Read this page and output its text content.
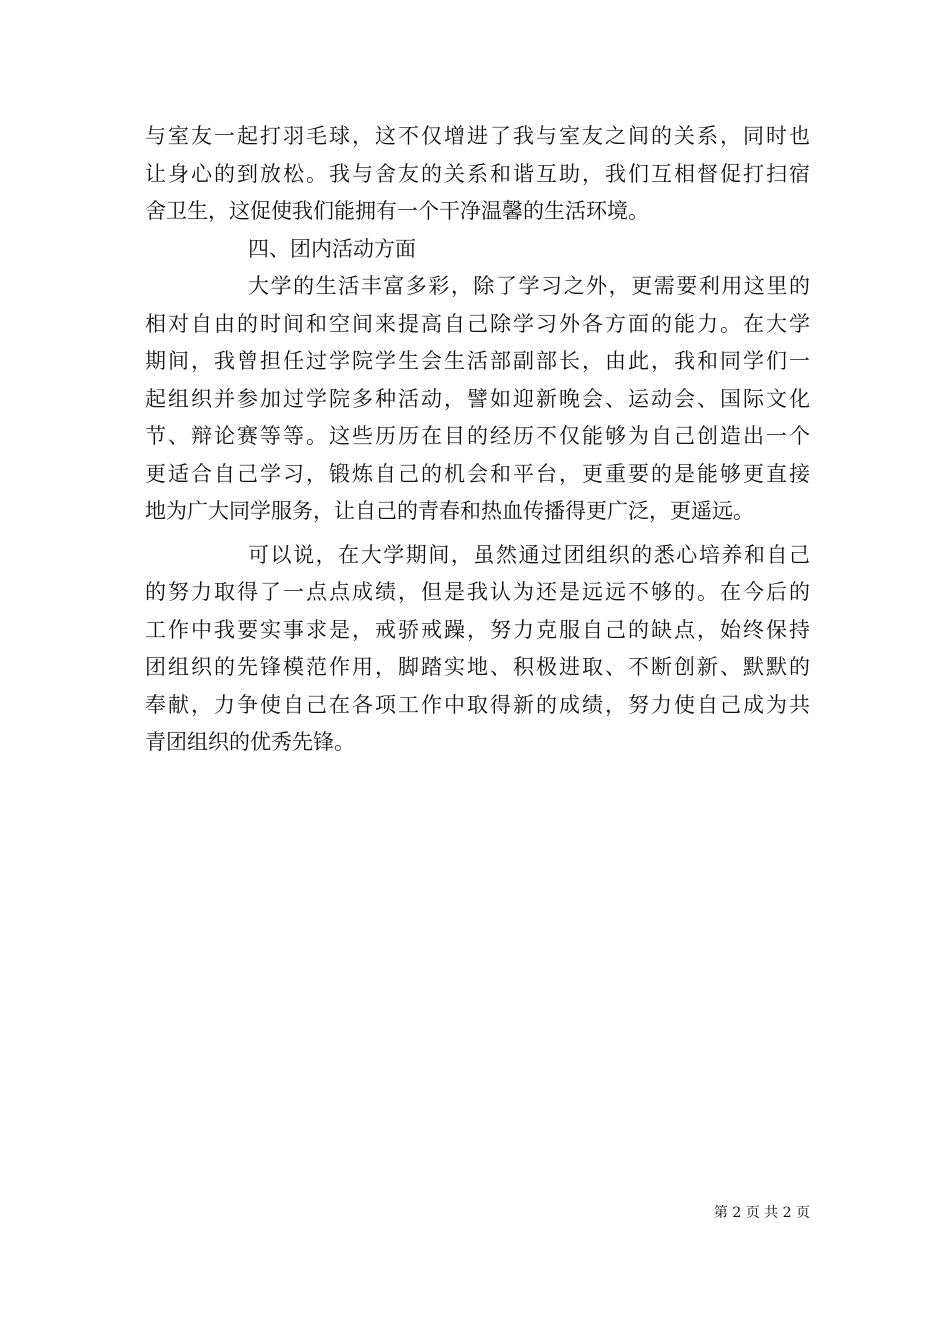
与室友一起打羽毛球，这不仅增进了我与室友之间的关系，同时也
让身心的到放松。我与舍友的关系和谐互助，我们互相督促打扫宿
舍卫生，这促使我们能拥有一个干净温馨的生活环境。
四、团内活动方面
大学的生活丰富多彩，除了学习之外，更需要利用这里的
相对自由的时间和空间来提高自己除学习外各方面的能力。在大学
期间，我曾担任过学院学生会生活部副部长，由此，我和同学们一
起组织并参加过学院多种活动，譬如迎新晚会、运动会、国际文化
节、辩论赛等等。这些历历在目的经历不仅能够为自己创造出一个
更适合自己学习，锻炼自己的机会和平台，更重要的是能够更直接
地为广大同学服务，让自己的青春和热血传播得更广泛，更遥远。
可以说，在大学期间，虽然通过团组织的悉心培养和自己
的努力取得了一点点成绩，但是我认为还是远远不够的。在今后的
工作中我要实事求是，戒骄戒躁，努力克服自己的缺点，始终保持
团组织的先锋模范作用，脚踏实地、积极进取、不断创新、默默的
奉献，力争使自己在各项工作中取得新的成绩，努力使自己成为共
青团组织的优秀先锋。
第 2 页 共 2 页
